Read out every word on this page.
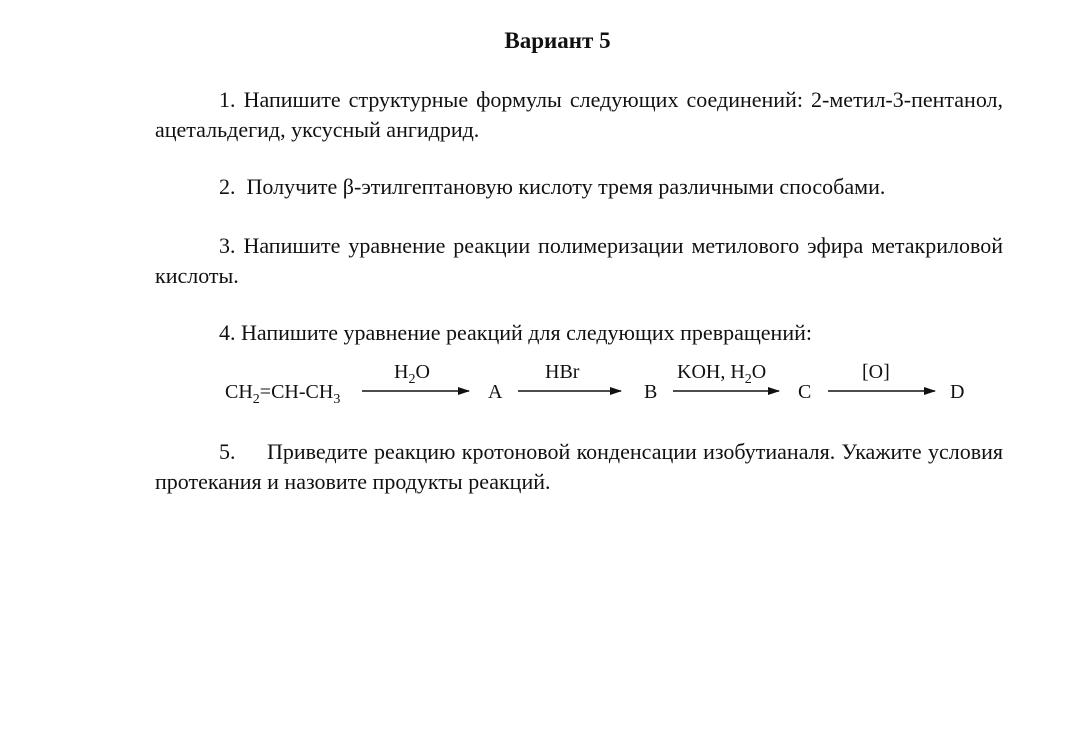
Вариант 5
1. Напишите структурные формулы следующих соединений: 2-метил-3-пентанол, ацетальдегид, уксусный ангидрид.
2. Получите β-этилгептановую кислоту тремя различными способами.
3. Напишите уравнение реакции полимеризации метилового эфира метакриловой кислоты.
4. Напишите уравнение реакций для следующих превращений:
$CH_2=CH-CH_3$
$H_2O$
A
HBr
B
KOH, $H_2O$
C
[O]
D
5. Приведите реакцию кротоновой конденсации изобутианаля. Укажите условия протекания и назовите продукты реакций.
